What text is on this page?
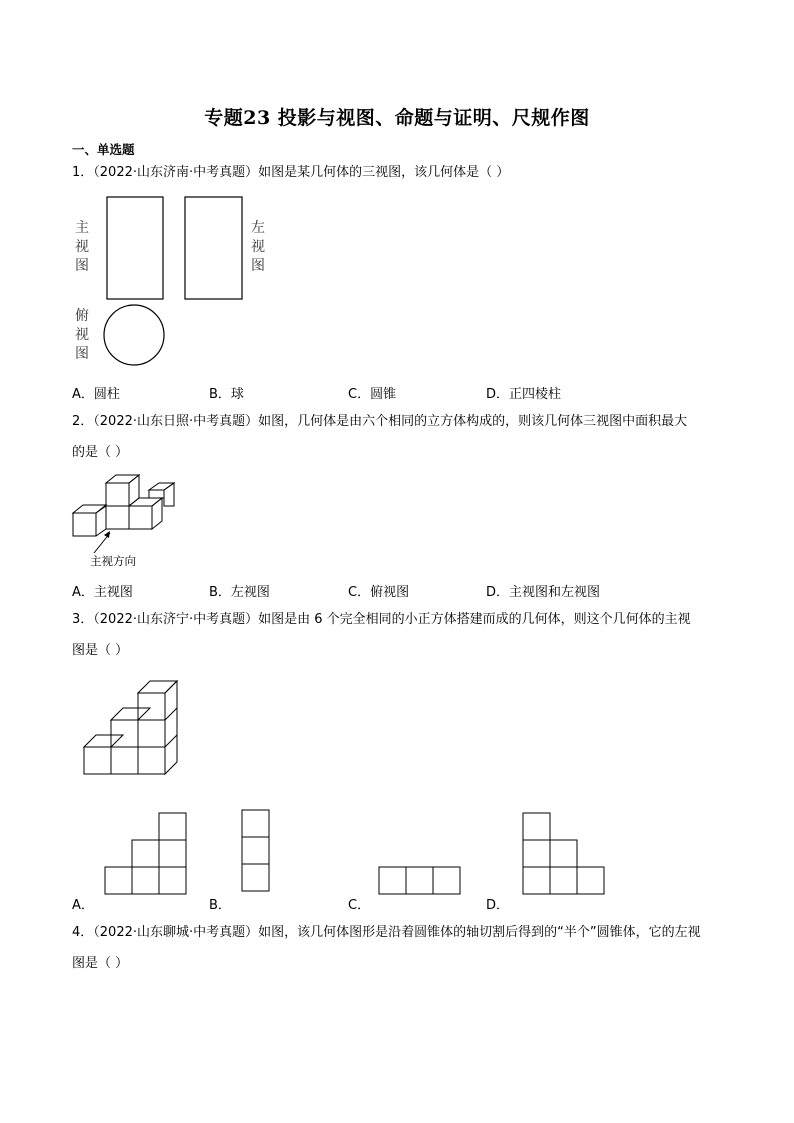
专题23 投影与视图、命题与证明、尺规作图
一、单选题
1．（2022·山东济南·中考真题）如图是某几何体的三视图，该几何体是（ ）
主视图
左视图
俯视图
A．圆柱	B．球	C．圆锥	D．正四棱柱
2．（2022·山东日照·中考真题）如图，几何体是由六个相同的立方体构成的，则该几何体三视图中面积最大
的是（ ）
主视方向
A．主视图	B．左视图	C．俯视图	D．主视图和左视图
3．（2022·山东济宁·中考真题）如图是由 6 个完全相同的小正方体搭建而成的几何体，则这个几何体的主视
图是（ ）
A．	B．	C．	D．
4．（2022·山东聊城·中考真题）如图，该几何体图形是沿着圆锥体的轴切割后得到的“半个”圆锥体，它的左视
图是（ ）
